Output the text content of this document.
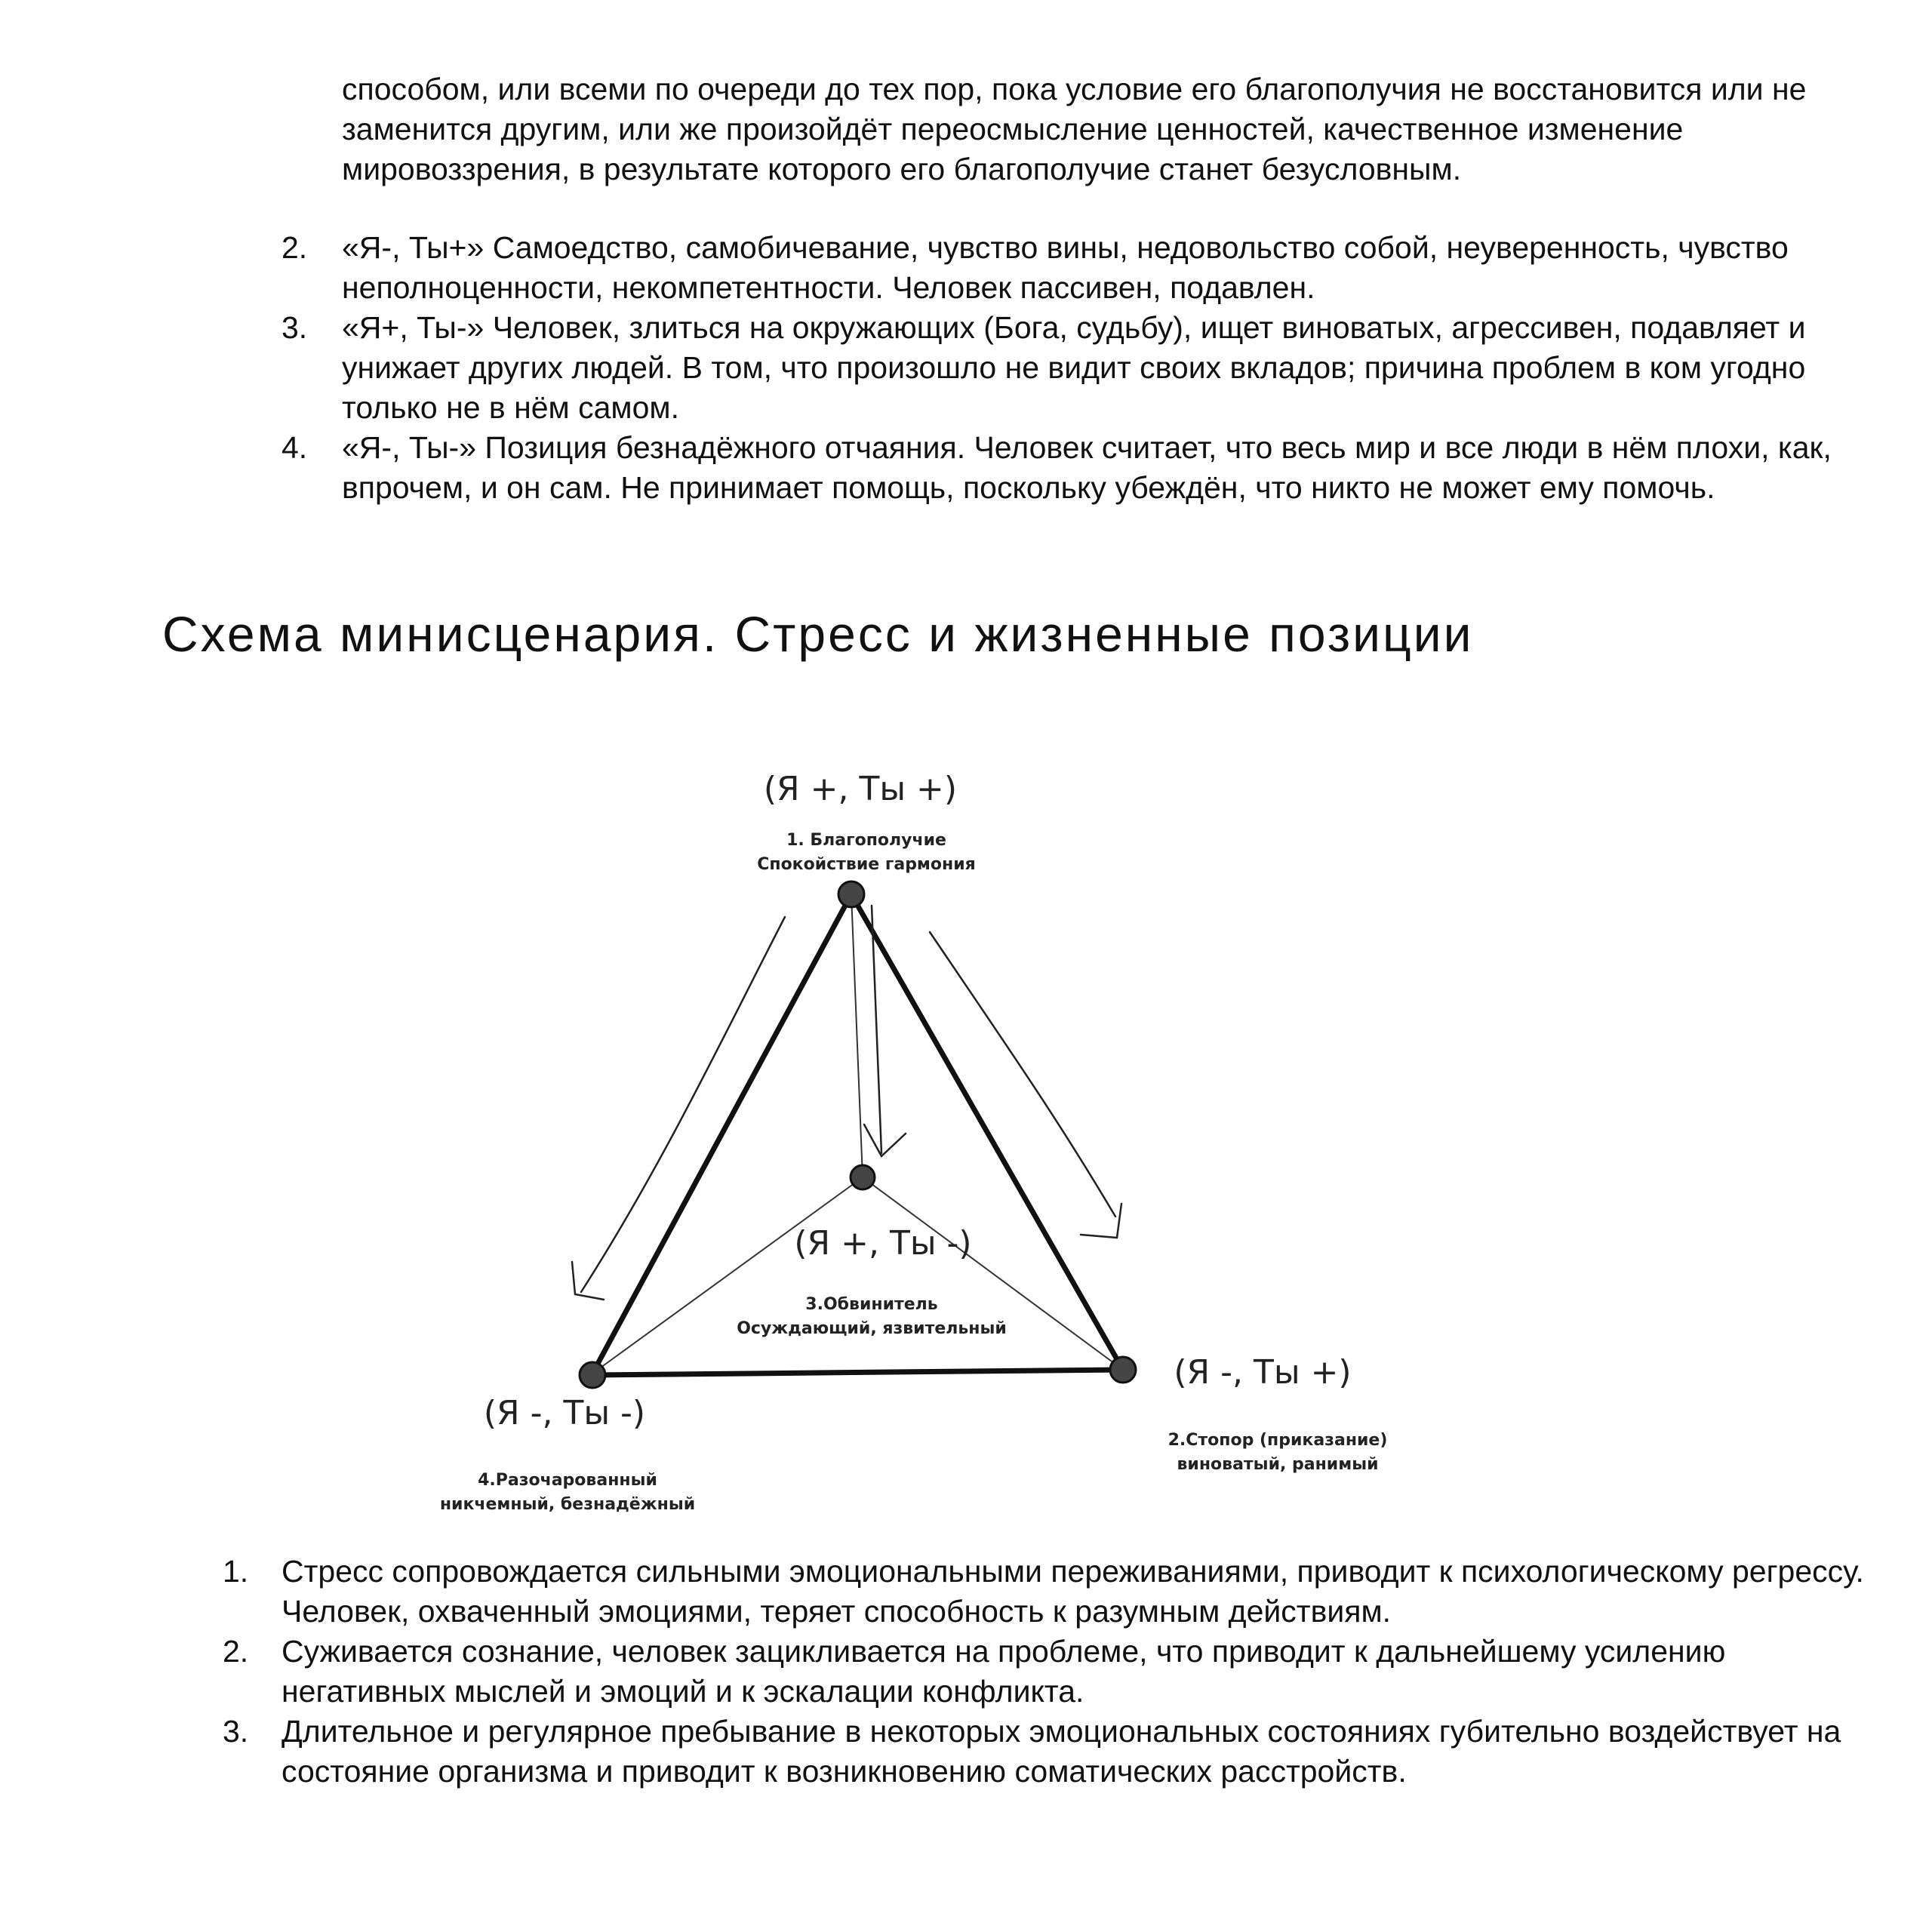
способом, или всеми по очереди до тех пор, пока условие его благополучия не восстановится или не заменится другим, или же произойдёт переосмысление ценностей, качественное изменение мировоззрения, в результате которого его благополучие станет безусловным.

2. «Я-, Ты+» Самоедство, самобичевание, чувство вины, недовольство собой, неуверенность, чувство неполноценности, некомпетентности. Человек пассивен, подавлен.
3. «Я+, Ты-» Человек, злиться на окружающих (Бога, судьбу), ищет виноватых, агрессивен, подавляет и унижает других людей. В том, что произошло не видит своих вкладов; причина проблем в ком угодно только не в нём самом.
4. «Я-, Ты-» Позиция безнадёжного отчаяния. Человек считает, что весь мир и все люди в нём плохи, как, впрочем, и он сам. Не принимает помощь, поскольку убеждён, что никто не может ему помочь.
Схема минисценария. Стресс и жизненные позиции
(Я +, Ты +)
1. Благополучие
Спокойствие гармония
(Я +, Ты -)
3.Обвинитель
Осуждающий, язвительный
(Я -, Ты +)
2.Стопор (приказание)
виноватый, ранимый
(Я -, Ты -)
4.Разочарованный
никчемный, безнадёжный
1. Стресс сопровождается сильными эмоциональными переживаниями, приводит к психологическому регрессу. Человек, охваченный эмоциями, теряет способность к разумным действиям.
2. Суживается сознание, человек зацикливается на проблеме, что приводит к дальнейшему усилению негативных мыслей и эмоций и к эскалации конфликта.
3. Длительное и регулярное пребывание в некоторых эмоциональных состояниях губительно воздействует на состояние организма и приводит к возникновению соматических расстройств.
